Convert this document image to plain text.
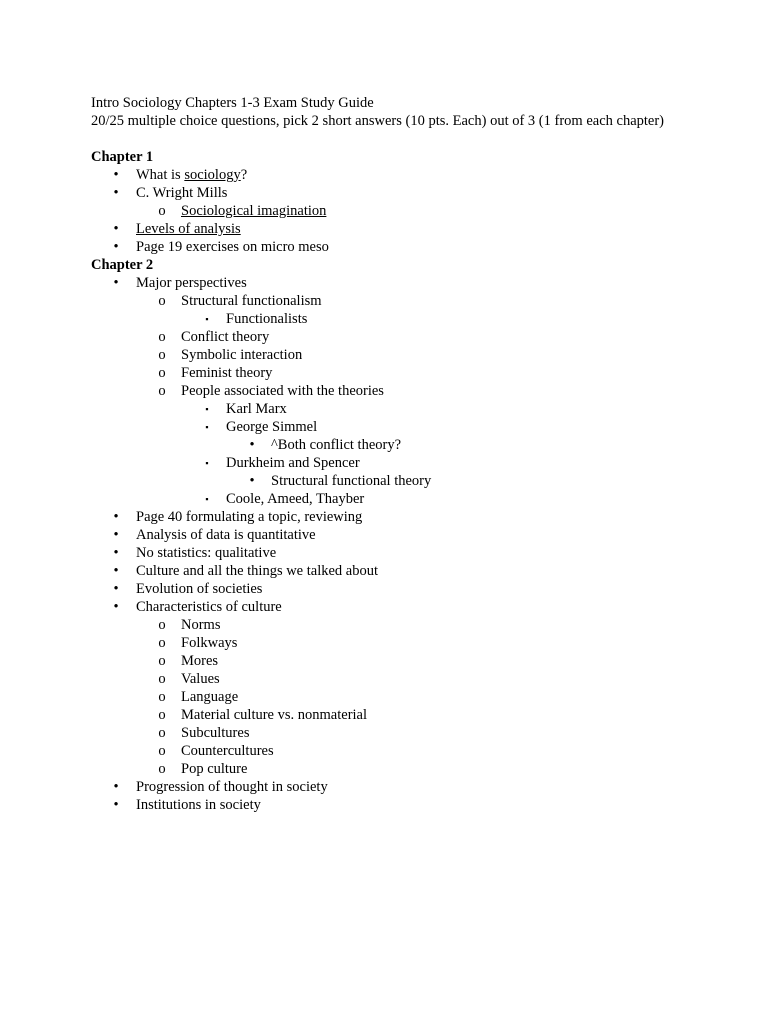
Intro Sociology Chapters 1-3 Exam Study Guide
20/25 multiple choice questions, pick 2 short answers (10 pts. Each) out of 3 (1 from each chapter)
Chapter 1
•	What is sociology?
•	C. Wright Mills
o Sociological imagination
•	Levels of analysis
•	Page 19 exercises on micro meso
Chapter 2
•	Major perspectives
o Structural functionalism
▪	Functionalists
o Conflict theory
o Symbolic interaction
o Feminist theory
o People associated with the theories
▪	Karl Marx
▪	George Simmel
•	^Both conflict theory?
▪	Durkheim and Spencer
•	Structural functional theory
▪	Coole, Ameed, Thayber
•	Page 40 formulating a topic, reviewing
•	Analysis of data is quantitative
•	No statistics: qualitative
•	Culture and all the things we talked about
•	Evolution of societies
•	Characteristics of culture
o Norms
o Folkways
o Mores
o Values
o Language
o Material culture vs. nonmaterial
o Subcultures
o Countercultures
o Pop culture
•	Progression of thought in society
•	Institutions in society
